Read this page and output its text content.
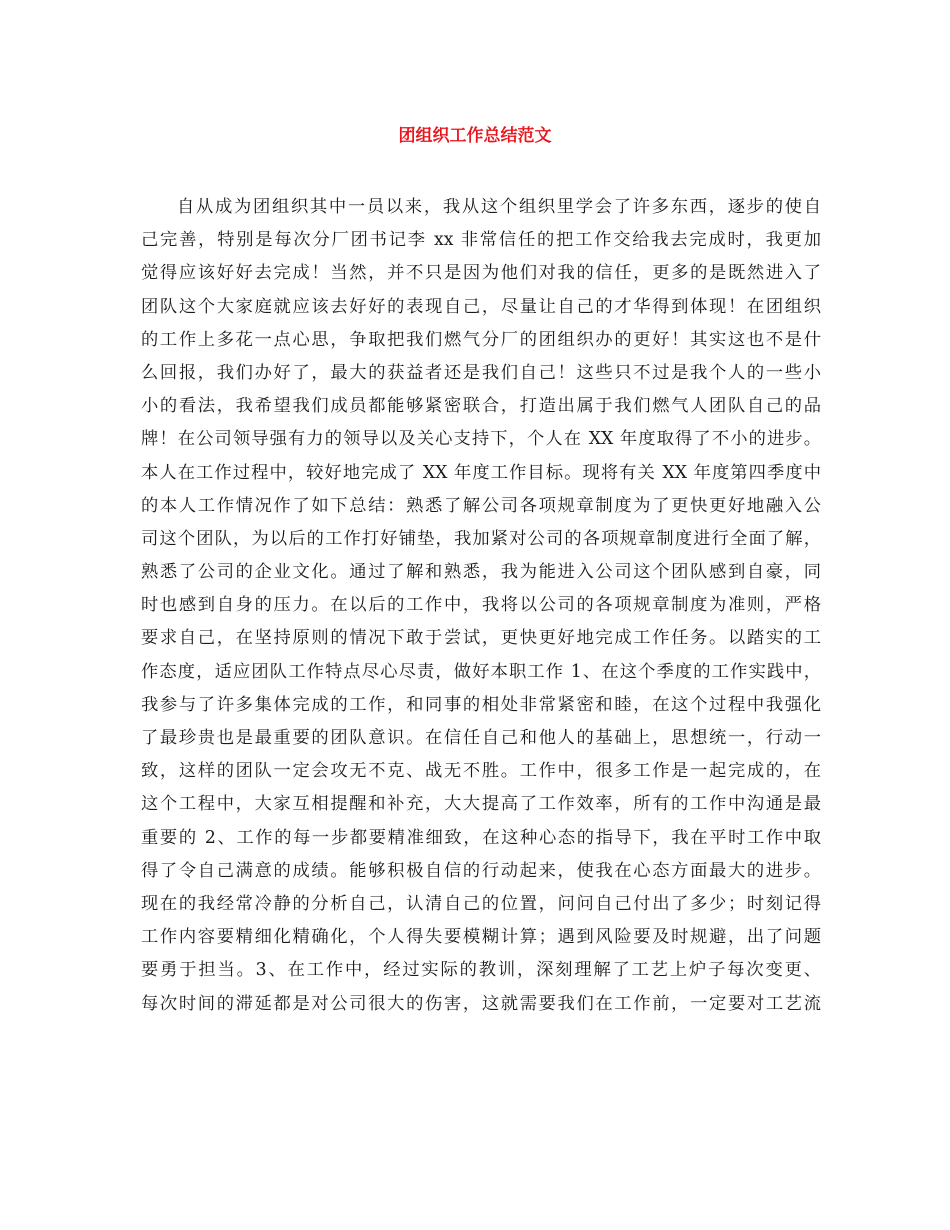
团组织工作总结范文
自从成为团组织其中一员以来，我从这个组织里学会了许多东西，逐步的使自
己完善，特别是每次分厂团书记李 xx 非常信任的把工作交给我去完成时，我更加
觉得应该好好去完成！当然，并不只是因为他们对我的信任，更多的是既然进入了
团队这个大家庭就应该去好好的表现自己，尽量让自己的才华得到体现！在团组织
的工作上多花一点心思，争取把我们燃气分厂的团组织办的更好！其实这也不是什
么回报，我们办好了，最大的获益者还是我们自己！这些只不过是我个人的一些小
小的看法，我希望我们成员都能够紧密联合，打造出属于我们燃气人团队自己的品
牌！在公司领导强有力的领导以及关心支持下，个人在 XX 年度取得了不小的进步。
本人在工作过程中，较好地完成了 XX 年度工作目标。现将有关 XX 年度第四季度中
的本人工作情况作了如下总结：熟悉了解公司各项规章制度为了更快更好地融入公
司这个团队，为以后的工作打好铺垫，我加紧对公司的各项规章制度进行全面了解，
熟悉了公司的企业文化。通过了解和熟悉，我为能进入公司这个团队感到自豪，同
时也感到自身的压力。在以后的工作中，我将以公司的各项规章制度为准则，严格
要求自己，在坚持原则的情况下敢于尝试，更快更好地完成工作任务。以踏实的工
作态度，适应团队工作特点尽心尽责，做好本职工作 1、在这个季度的工作实践中，
我参与了许多集体完成的工作，和同事的相处非常紧密和睦，在这个过程中我强化
了最珍贵也是最重要的团队意识。在信任自己和他人的基础上，思想统一，行动一
致，这样的团队一定会攻无不克、战无不胜。工作中，很多工作是一起完成的，在
这个工程中，大家互相提醒和补充，大大提高了工作效率，所有的工作中沟通是最
重要的 2、工作的每一步都要精准细致，在这种心态的指导下，我在平时工作中取
得了令自己满意的成绩。能够积极自信的行动起来，使我在心态方面最大的进步。
现在的我经常冷静的分析自己，认清自己的位置，问问自己付出了多少；时刻记得
工作内容要精细化精确化，个人得失要模糊计算；遇到风险要及时规避，出了问题
要勇于担当。3、在工作中，经过实际的教训，深刻理解了工艺上炉子每次变更、
每次时间的滞延都是对公司很大的伤害，这就需要我们在工作前，一定要对工艺流
